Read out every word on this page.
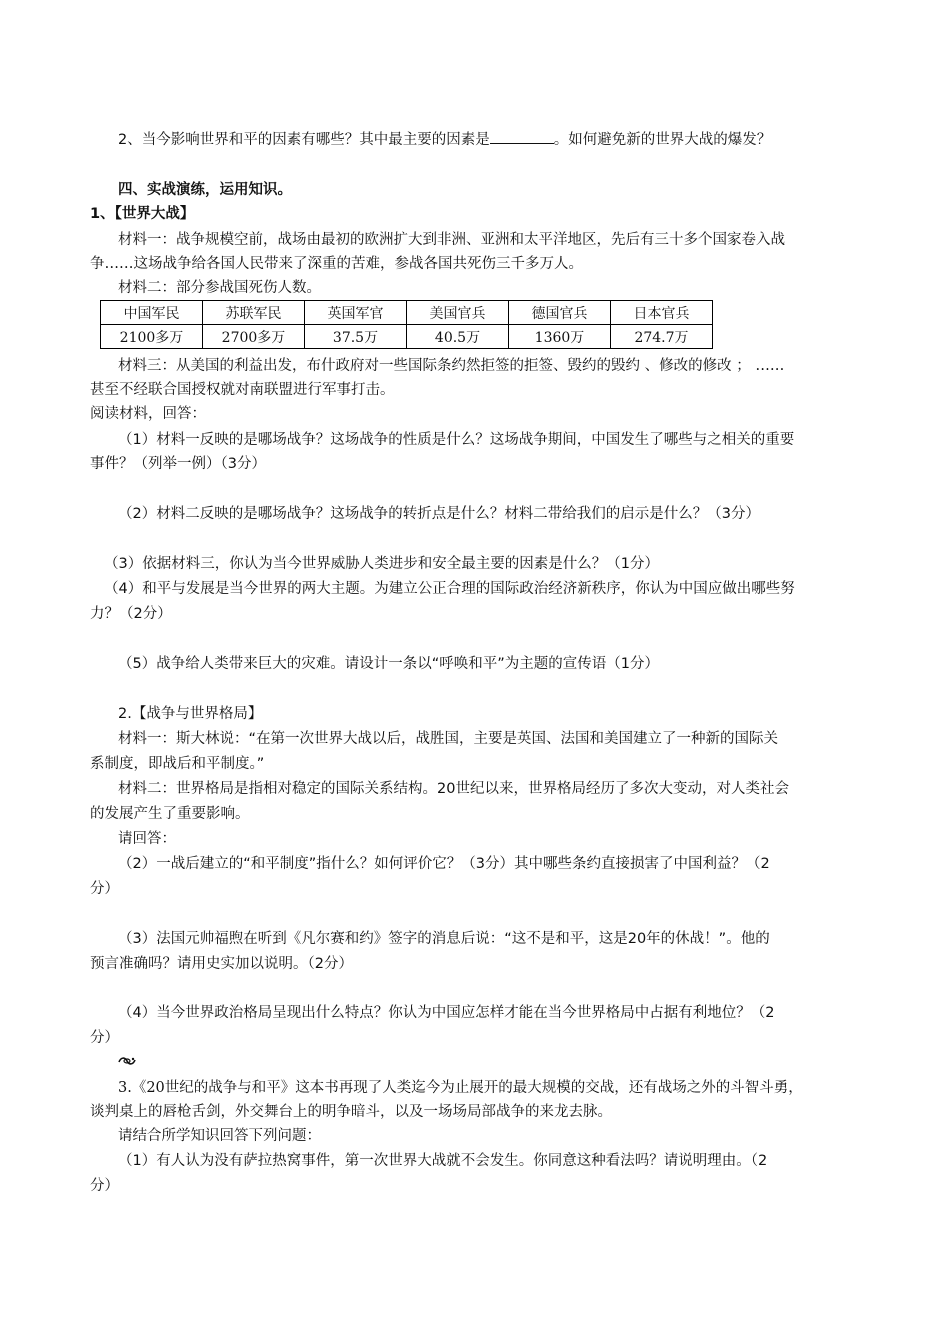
2、当今影响世界和平的因素有哪些？其中最主要的因素是	。如何避免新的世界大战的爆发？
四、实战演练，运用知识。
1、【世界大战】
材料一：战争规模空前，战场由最初的欧洲扩大到非洲、亚洲和太平洋地区，先后有三十多个国家卷入战
争……这场战争给各国人民带来了深重的苦难，参战各国共死伤三千多万人。
材料二：部分参战国死伤人数。
中国军民	苏联军民	英国军官	美国官兵	德国官兵	日本官兵
2100多万	2700多万	37.5万	40.5万	1360万	274.7万
材料三：从美国的利益出发，布什政府对一些国际条约然拒签的拒签、毁约的毁约 、修改的修改 ； ……
甚至不经联合国授权就对南联盟进行军事打击。
阅读材料，回答：
（1）材料一反映的是哪场战争？这场战争的性质是什么？这场战争期间，中国发生了哪些与之相关的重要
事件？（列举一例）（3分）
（2）材料二反映的是哪场战争？这场战争的转折点是什么？材料二带给我们的启示是什么？（3分）
（3）依据材料三，你认为当今世界威胁人类进步和安全最主要的因素是什么？（1分）
（4）和平与发展是当今世界的两大主题。为建立公正合理的国际政治经济新秩序，你认为中国应做出哪些努
力？（2分）
（5）战争给人类带来巨大的灾难。请设计一条以“呼唤和平”为主题的宣传语（1分）
2.【战争与世界格局】
材料一：斯大林说：“在第一次世界大战以后，战胜国，主要是英国、法国和美国建立了一种新的国际关
系制度，即战后和平制度。”
材料二：世界格局是指相对稳定的国际关系结构。20世纪以来，世界格局经历了多次大变动，对人类社会
的发展产生了重要影响。
请回答：
（2）一战后建立的“和平制度”指什么？如何评价它？（3分）其中哪些条约直接损害了中国利益？（2
分）
（3）法国元帅福煦在听到《凡尔赛和约》签字的消息后说：“这不是和平，这是20年的休战！”。他的
预言准确吗？请用史实加以说明。（2分）
（4）当今世界政治格局呈现出什么特点？你认为中国应怎样才能在当今世界格局中占据有利地位？（2
分）
3.《20世纪的战争与和平》这本书再现了人类迄今为止展开的最大规模的交战，还有战场之外的斗智斗勇，
谈判桌上的唇枪舌剑，外交舞台上的明争暗斗，以及一场场局部战争的来龙去脉。
请结合所学知识回答下列问题：
（1）有人认为没有萨拉热窝事件，第一次世界大战就不会发生。你同意这种看法吗？请说明理由。（2
分）
